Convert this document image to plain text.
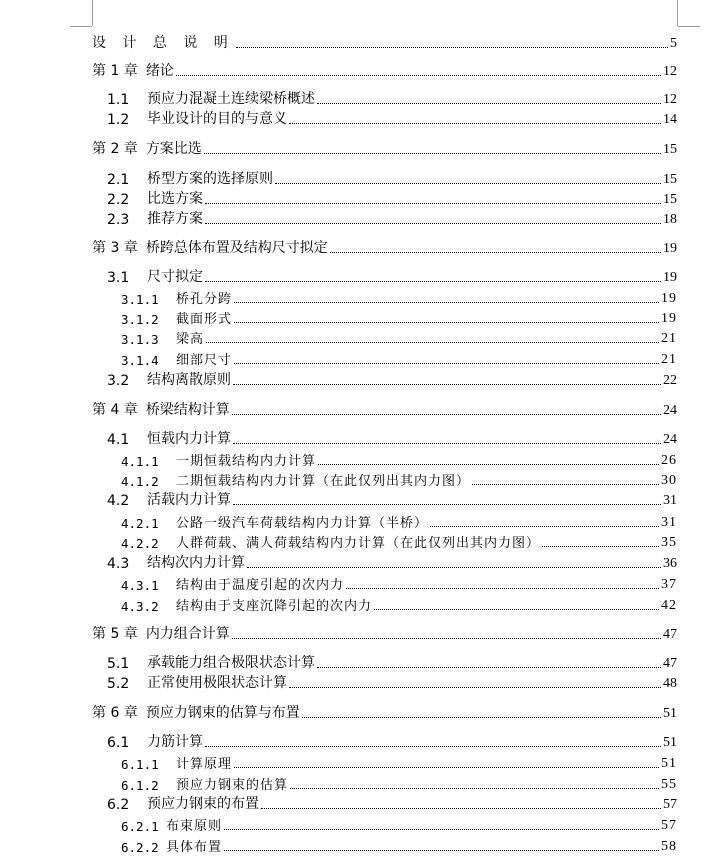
设 计 总 说 明	5
第 1 章 绪论	12
1.1	预应力混凝土连续梁桥概述	12
1.2	毕业设计的目的与意义	14
第 2 章 方案比选	15
2.1	桥型方案的选择原则	15
2.2	比选方案	15
2.3	推荐方案	18
第 3 章 桥跨总体布置及结构尺寸拟定	19
3.1	尺寸拟定	19
3.1.1	桥孔分跨	19
3.1.2	截面形式	19
3.1.3	梁高	21
3.1.4	细部尺寸	21
3.2	结构离散原则	22
第 4 章 桥梁结构计算	24
4.1	恒载内力计算	24
4.1.1	一期恒载结构内力计算	26
4.1.2	二期恒载结构内力计算（在此仅列出其内力图）	30
4.2	活载内力计算	31
4.2.1	公路一级汽车荷载结构内力计算（半桥）	31
4.2.2	人群荷载、满人荷载结构内力计算（在此仅列出其内力图）	35
4.3	结构次内力计算	36
4.3.1	结构由于温度引起的次内力	37
4.3.2	结构由于支座沉降引起的次内力	42
第 5 章 内力组合计算	47
5.1	承载能力组合极限状态计算	47
5.2	正常使用极限状态计算	48
第 6 章 预应力钢束的估算与布置	51
6.1	力筋计算	51
6.1.1	计算原理	51
6.1.2	预应力钢束的估算	55
6.2	预应力钢束的布置	57
6.2.1 布束原则	57
6.2.2 具体布置	58
